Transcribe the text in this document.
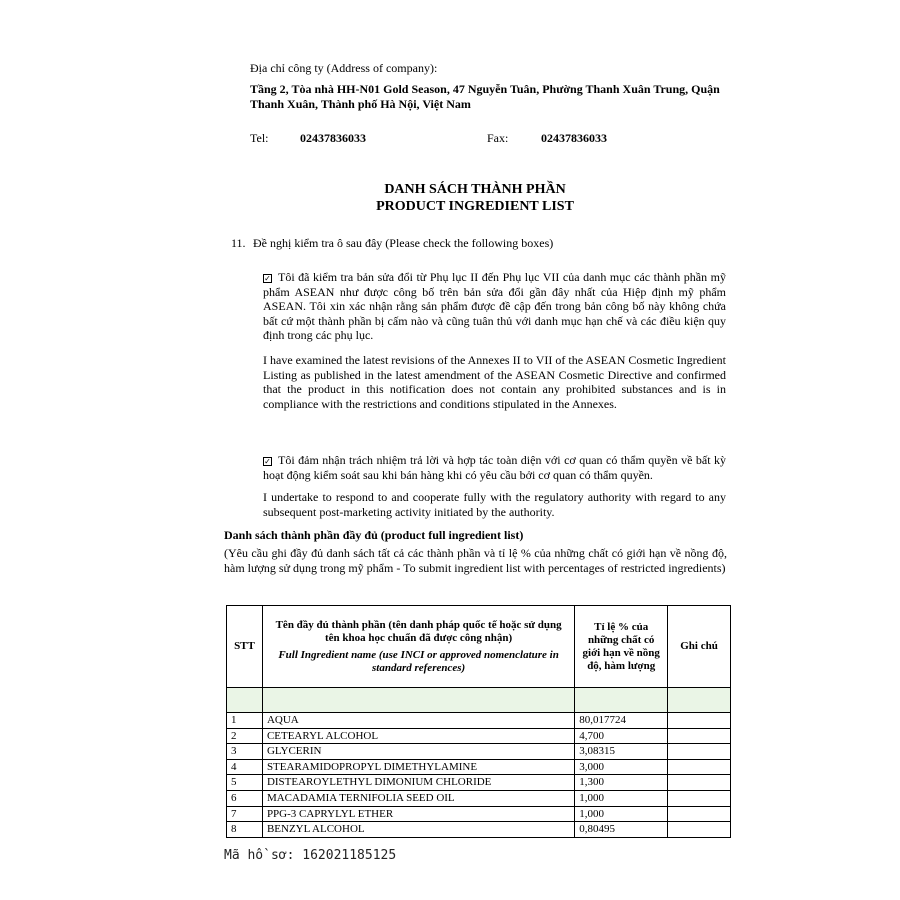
Địa chỉ công ty (Address of company):
Tầng 2, Tòa nhà HH-N01 Gold Season, 47 Nguyễn Tuân, Phường Thanh Xuân Trung, Quận Thanh Xuân, Thành phố Hà Nội, Việt Nam
Tel:	02437836033	Fax:	02437836033
DANH SÁCH THÀNH PHẦN
PRODUCT INGREDIENT LIST
11. Đề nghị kiểm tra ô sau đây (Please check the following boxes)
✓ Tôi đã kiểm tra bản sửa đổi từ Phụ lục II đến Phụ lục VII của danh mục các thành phần mỹ phẩm ASEAN như được công bố trên bản sửa đổi gần đây nhất của Hiệp định mỹ phẩm ASEAN. Tôi xin xác nhận rằng sản phẩm được đề cập đến trong bản công bố này không chứa bất cứ một thành phần bị cấm nào và cũng tuân thủ với danh mục hạn chế và các điều kiện quy định trong các phụ lục.
I have examined the latest revisions of the Annexes II to VII of the ASEAN Cosmetic Ingredient Listing as published in the latest amendment of the ASEAN Cosmetic Directive and confirmed that the product in this notification does not contain any prohibited substances and is in compliance with the restrictions and conditions stipulated in the Annexes.
✓ Tôi đảm nhận trách nhiệm trả lời và hợp tác toàn diện với cơ quan có thẩm quyền về bất kỳ hoạt động kiểm soát sau khi bán hàng khi có yêu cầu bởi cơ quan có thẩm quyền.
I undertake to respond to and cooperate fully with the regulatory authority with regard to any subsequent post-marketing activity initiated by the authority.
Danh sách thành phần đầy đủ (product full ingredient list)
(Yêu cầu ghi đầy đủ danh sách tất cả các thành phần và tỉ lệ % của những chất có giới hạn về nồng độ, hàm lượng sử dụng trong mỹ phẩm - To submit ingredient list with percentages of restricted ingredients)
STT	Tên đầy đủ thành phần (tên danh pháp quốc tế hoặc sử dụng tên khoa học chuẩn đã được công nhận)
Full Ingredient name (use INCI or approved nomenclature in standard references)	Tỉ lệ % của những chất có giới hạn về nồng độ, hàm lượng	Ghi chú

1	AQUA	80,017724	
2	CETEARYL ALCOHOL	4,700	
3	GLYCERIN	3,08315	
4	STEARAMIDOPROPYL DIMETHYLAMINE	3,000	
5	DISTEAROYLETHYL DIMONIUM CHLORIDE	1,300	
6	MACADAMIA TERNIFOLIA SEED OIL	1,000	
7	PPG-3 CAPRYLYL ETHER	1,000	
8	BENZYL ALCOHOL	0,80495	
Mã hồ sơ: 162021185125
